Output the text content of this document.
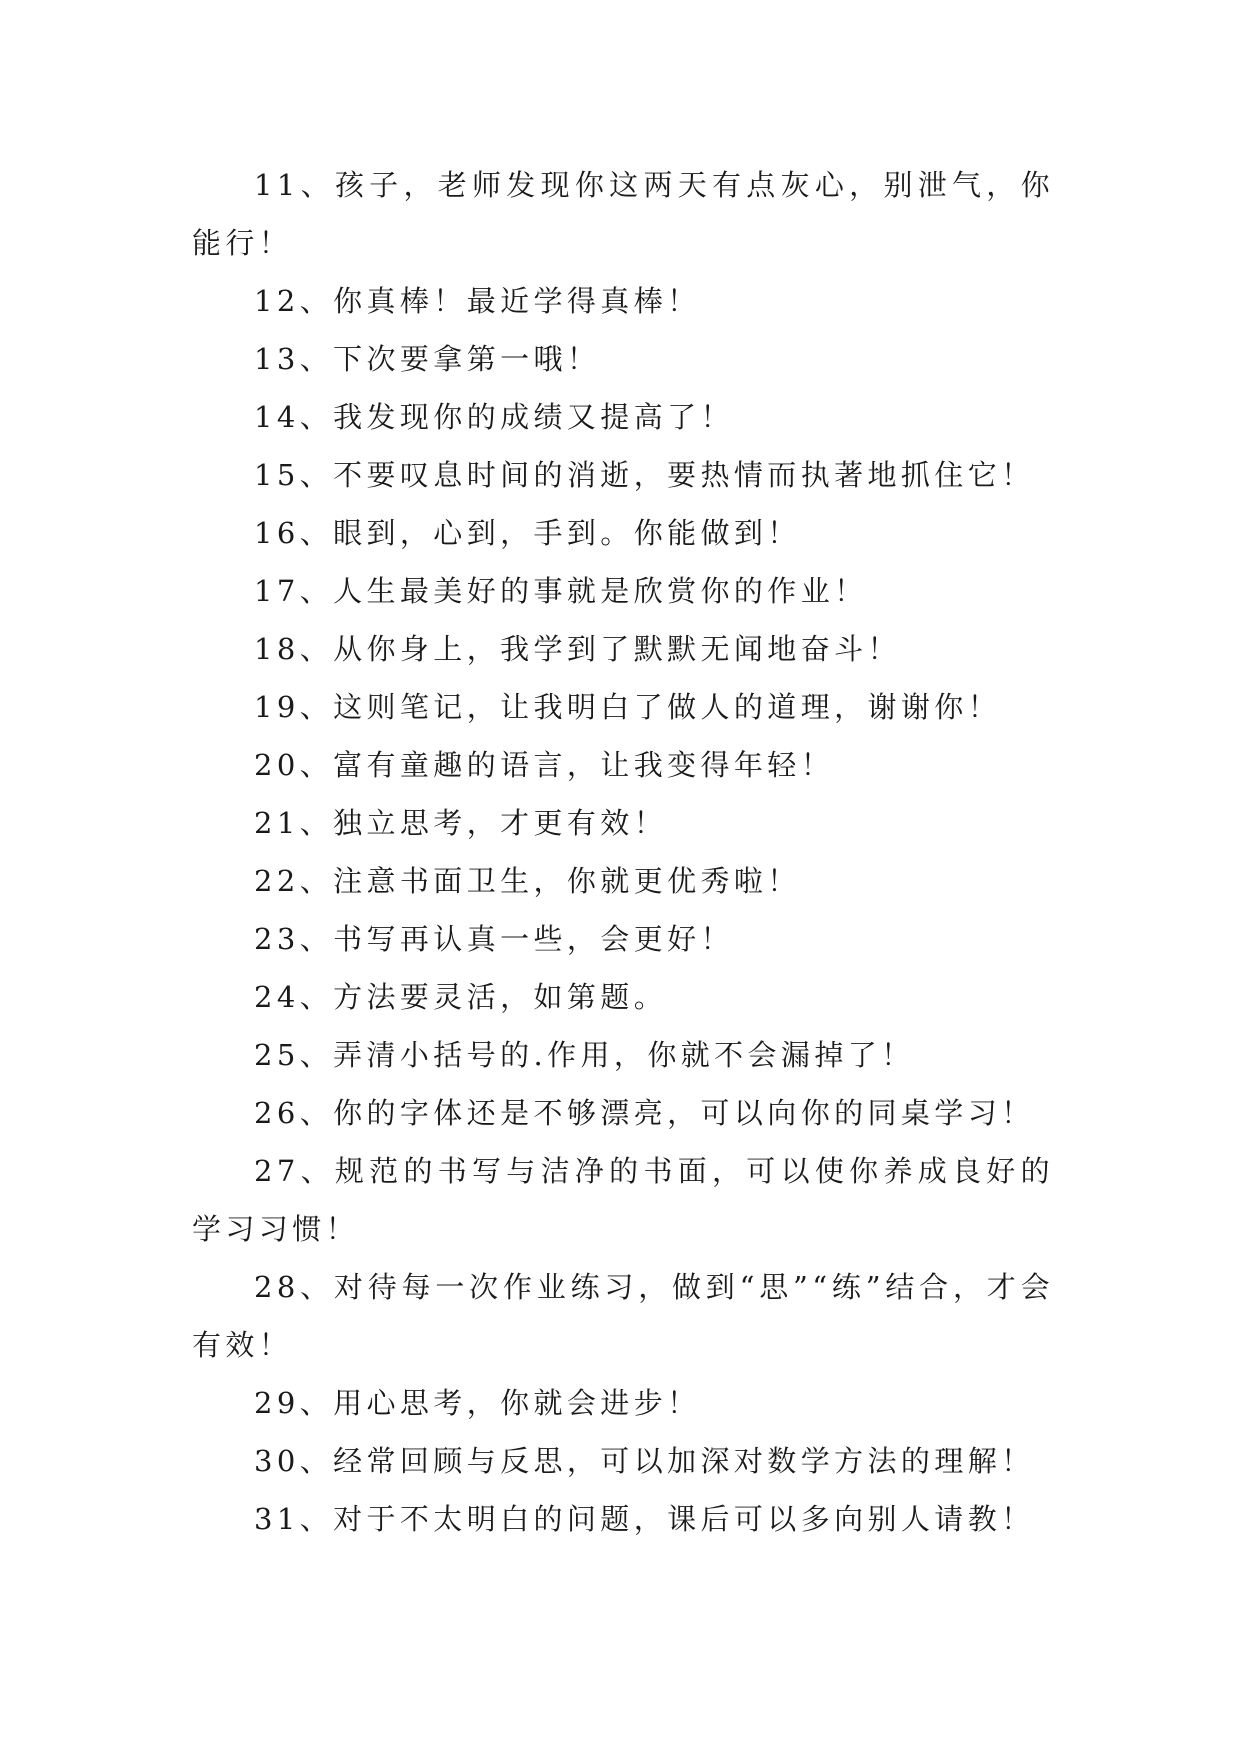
11、孩子，老师发现你这两天有点灰心，别泄气，你能行！

12、你真棒！最近学得真棒！

13、下次要拿第一哦！

14、我发现你的成绩又提高了！

15、不要叹息时间的消逝，要热情而执著地抓住它！

16、眼到，心到，手到。你能做到！

17、人生最美好的事就是欣赏你的作业！

18、从你身上，我学到了默默无闻地奋斗！

19、这则笔记，让我明白了做人的道理，谢谢你！

20、富有童趣的语言，让我变得年轻！

21、独立思考，才更有效！

22、注意书面卫生，你就更优秀啦！

23、书写再认真一些，会更好！

24、方法要灵活，如第题。

25、弄清小括号的.作用，你就不会漏掉了！

26、你的字体还是不够漂亮，可以向你的同桌学习！

27、规范的书写与洁净的书面，可以使你养成良好的学习习惯！

28、对待每一次作业练习，做到“思”“练”结合，才会有效！

29、用心思考，你就会进步！

30、经常回顾与反思，可以加深对数学方法的理解！

31、对于不太明白的问题，课后可以多向别人请教！
